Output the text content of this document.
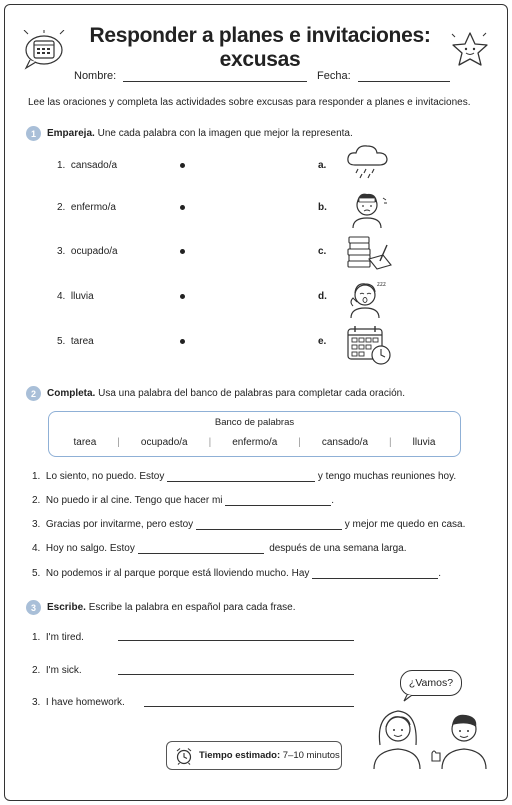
Responder a planes e invitaciones: excusas
Nombre:	Fecha:
Lee las oraciones y completa las actividades sobre excusas para responder a planes e invitaciones.
1	Empareja. Une cada palabra con la imagen que mejor la representa.
1. cansado/a
2. enfermo/a
3. ocupado/a
4. lluvia
5. tarea
a.
b.
c.
d.
e.
zzz
2	Completa. Usa una palabra del banco de palabras para completar cada oración.
Banco de palabras
tarea | ocupado/a | enfermo/a | cansado/a | lluvia
1. Lo siento, no puedo. Estoy	y tengo muchas reuniones hoy.
2. No puedo ir al cine. Tengo que hacer mi	.
3. Gracias por invitarme, pero estoy	y mejor me quedo en casa.
4. Hoy no salgo. Estoy	después de una semana larga.
5. No podemos ir al parque porque está lloviendo mucho. Hay	.
3	Escribe. Escribe la palabra en español para cada frase.
1. I'm tired.
2. I'm sick.
3. I have homework.
¿Vamos?
Tiempo estimado: 7–10 minutos
